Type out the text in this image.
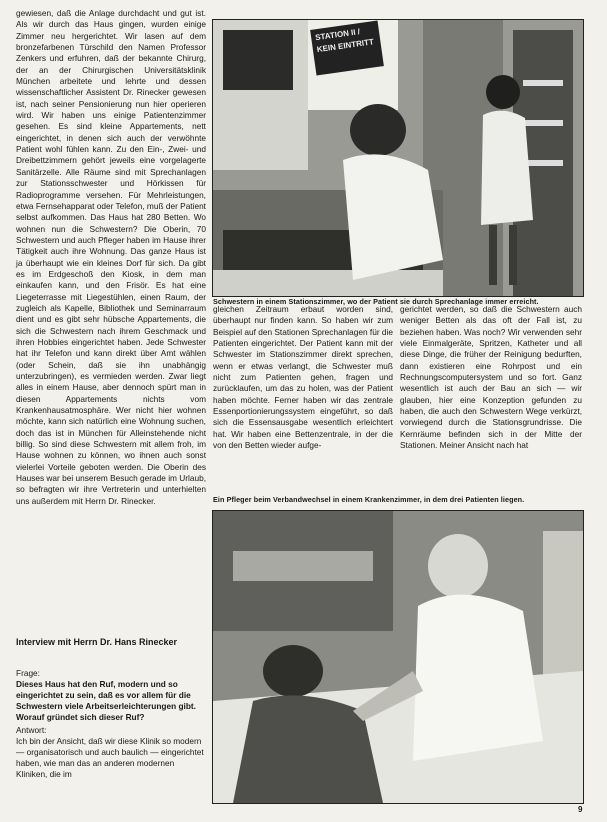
gewiesen, daß die Anlage durchdacht und gut ist. Als wir durch das Haus gingen, wurden einige Zimmer neu hergerichtet. Wir lasen auf dem bronzefarbenen Türschild den Namen Professor Zenkers und erfuhren, daß der bekannte Chirurg, der an der Chirurgischen Universitätsklinik München arbeitete und lehrte und dessen wissenschaftlicher Assistent Dr. Rinecker gewesen ist, nach seiner Pensionierung nun hier operieren wird. Wir haben uns einige Patientenzimmer gesehen. Es sind kleine Appartements, nett eingerichtet, in denen sich auch der verwöhnte Patient wohl fühlen kann. Zu den Ein-, Zwei- und Dreibettzimmern gehört jeweils eine vorgelagerte Sanitärzelle. Alle Räume sind mit Sprechanlagen zur Stationsschwester und Hörkissen für Radioprogramme versehen. Für Mehrleistungen, etwa Fernsehapparat oder Telefon, muß der Patient selbst aufkommen. Das Haus hat 280 Betten. Wo wohnen nun die Schwestern? Die Oberin, 70 Schwestern und auch Pfleger haben im Hause ihrer Tätigkeit auch ihre Wohnung. Das ganze Haus ist ja überhaupt wie ein kleines Dorf für sich. Da gibt es im Erdgeschoß den Kiosk, in dem man einkaufen kann, und den Frisör. Es hat eine Liegeterrasse mit Liegestühlen, einen Raum, der zugleich als Kapelle, Bibliothek und Seminarraum dient und es gibt sehr hübsche Appartements, die sich die Schwestern nach ihrem Geschmack und ihren Hobbies eingerichtet haben. Jede Schwester hat ihr Telefon und kann direkt über Amt wählen (oder Schein, daß sie ihn unabhängig unterzubringen), es vermieden werden. Zwar liegt alles in einem Hause, aber dennoch spürt man in diesen Appartements nichts vom Krankenhausatmosphäre. Wer nicht hier wohnen möchte, kann sich natürlich eine Wohnung suchen, doch das ist in München für Alleinstehende nicht billig. So sind diese Schwestern mit allem froh, im Hause wohnen zu können, wo ihnen auch sonst vielerlei Vorteile geboten werden. Die Oberin des Hauses war bei unserem Besuch gerade im Urlaub, so befragten wir ihre Vertreterin und unterhielten uns außerdem mit Herrn Dr. Rinecker.

STATION II / KEIN EINTRITT
Schwestern in einem Stationszimmer, wo der Patient sie durch Sprechanlage immer erreicht.

gleichen Zeitraum erbaut worden sind, überhaupt nur finden kann. So haben wir zum Beispiel auf den Stationen Sprechanlagen für die Patienten eingerichtet. Der Patient kann mit der Schwester im Stationszimmer direkt sprechen, wenn er etwas verlangt, die Schwester muß nicht zum Patienten gehen, fragen und zurücklaufen, um das zu holen, was der Patient haben möchte. Ferner haben wir das zentrale Essenportionierungssystem eingeführt, so daß sich die Essensausgabe wesentlich erleichtert hat. Wir haben eine Bettenzentrale, in der die von den Betten wieder aufge-

gerichtet werden, so daß die Schwestern auch weniger Betten als das oft der Fall ist, zu beziehen haben. Was noch? Wir verwenden sehr viele Einmalgeräte, Spritzen, Katheter und all diese Dinge, die früher der Reinigung bedurften, dann existieren eine Rohrpost und ein Rechnungscomputersystem und so fort. Ganz wesentlich ist auch der Bau an sich — wir glauben, hier eine Konzeption gefunden zu haben, die auch den Schwestern Wege verkürzt, vorwiegend durch die Stationsgrundrisse. Die Kernräume befinden sich in der Mitte der Stationen. Meiner Ansicht nach hat

Ein Pfleger beim Verbandwechsel in einem Krankenzimmer, in dem drei Patienten liegen.
Interview mit Herrn Dr. Hans Rinecker
Frage:
Dieses Haus hat den Ruf, modern und so eingerichtet zu sein, daß es vor allem für die Schwestern viele Arbeitserleichterungen gibt. Worauf gründet sich dieser Ruf?
Antwort:
Ich bin der Ansicht, daß wir diese Klinik so modern — organisatorisch und auch baulich — eingerichtet haben, wie man das an anderen modernen Kliniken, die im
9
